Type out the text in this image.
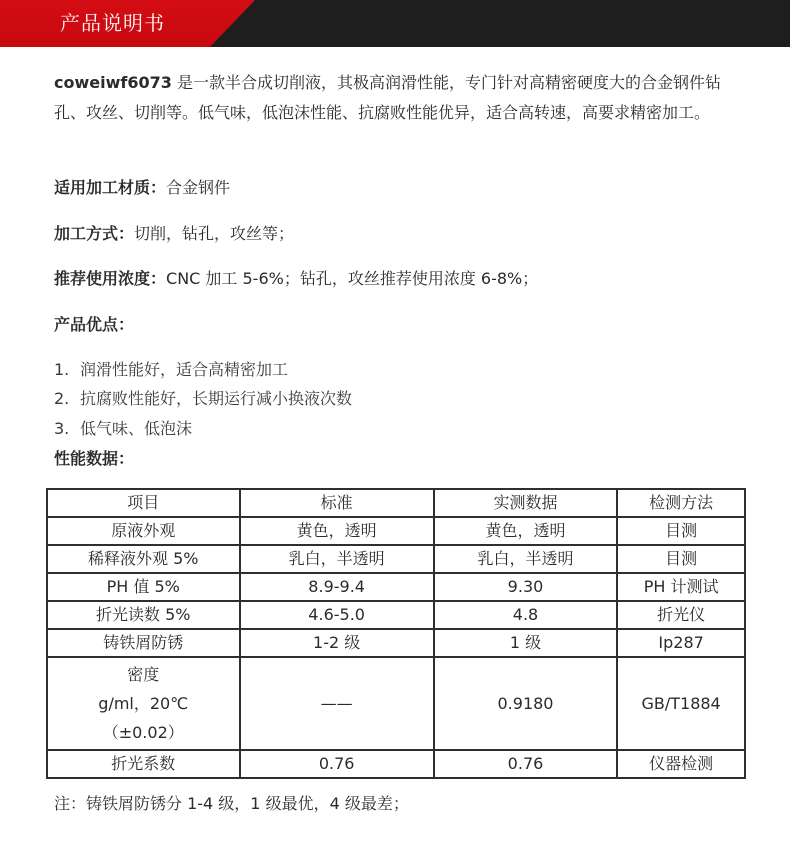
产品说明书

coweiwf6073 是一款半合成切削液，其极高润滑性能，专门针对高精密硬度大的合金钢件钻孔、攻丝、切削等。低气味，低泡沫性能、抗腐败性能优异，适合高转速，高要求精密加工。

适用加工材质：合金钢件
加工方式：切削，钻孔，攻丝等；
推荐使用浓度：CNC 加工 5-6%；钻孔，攻丝推荐使用浓度 6-8%；
产品优点：
1. 润滑性能好，适合高精密加工
2. 抗腐败性能好，长期运行减小换液次数
3. 低气味、低泡沫
性能数据：
项目	标准	实测数据	检测方法
原液外观	黄色，透明	黄色，透明	目测
稀释液外观 5%	乳白，半透明	乳白，半透明	目测
PH 值 5%	8.9-9.4	9.30	PH 计测试
折光读数 5%	4.6-5.0	4.8	折光仪
铸铁屑防锈	1-2 级	1 级	Ip287

密度
g/ml，20℃
（±0.02）	——	0.9180	GB/T1884
折光系数	0.76	0.76	仪器检测
注：铸铁屑防锈分 1-4 级，1 级最优，4 级最差；
